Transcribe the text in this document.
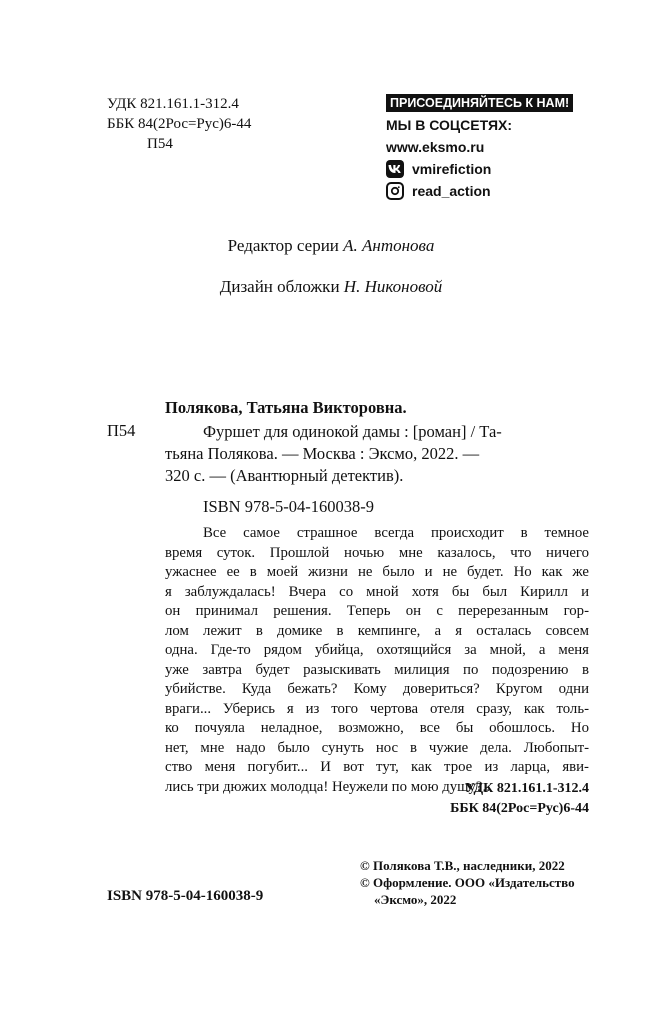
УДК 821.161.1-312.4
ББК 84(2Рос=Рус)6-44
П54
ПРИСОЕДИНЯЙТЕСЬ К НАМ!
МЫ В СОЦСЕТЯХ:
www.eksmo.ru
vmirefiction
read_action
Редактор серии А. Антонова
Дизайн обложки Н. Никоновой
Полякова, Татьяна Викторовна.
П54	Фуршет для одинокой дамы : [роман] / Та-
тьяна Полякова. — Москва : Эксмо, 2022. —
320 с. — (Авантюрный детектив).
ISBN 978-5-04-160038-9
Все самое страшное всегда происходит в темное
время суток. Прошлой ночью мне казалось, что ничего
ужаснее ее в моей жизни не было и не будет. Но как же
я заблуждалась! Вчера со мной хотя бы был Кирилл и
он принимал решения. Теперь он с перерезанным гор-
лом лежит в домике в кемпинге, а я осталась совсем
одна. Где-то рядом убийца, охотящийся за мной, а меня
уже завтра будет разыскивать милиция по подозрению в
убийстве. Куда бежать? Кому довериться? Кругом одни
враги... Уберись я из того чертова отеля сразу, как толь-
ко почуяла неладное, возможно, все бы обошлось. Но
нет, мне надо было сунуть нос в чужие дела. Любопыт-
ство меня погубит... И вот тут, как трое из ларца, яви-
лись три дюжих молодца! Неужели по мою душу?..
УДК 821.161.1-312.4
ББК 84(2Рос=Рус)6-44
© Полякова Т.В., наследники, 2022
© Оформление. ООО «Издательство
«Эксмо», 2022
ISBN 978-5-04-160038-9
